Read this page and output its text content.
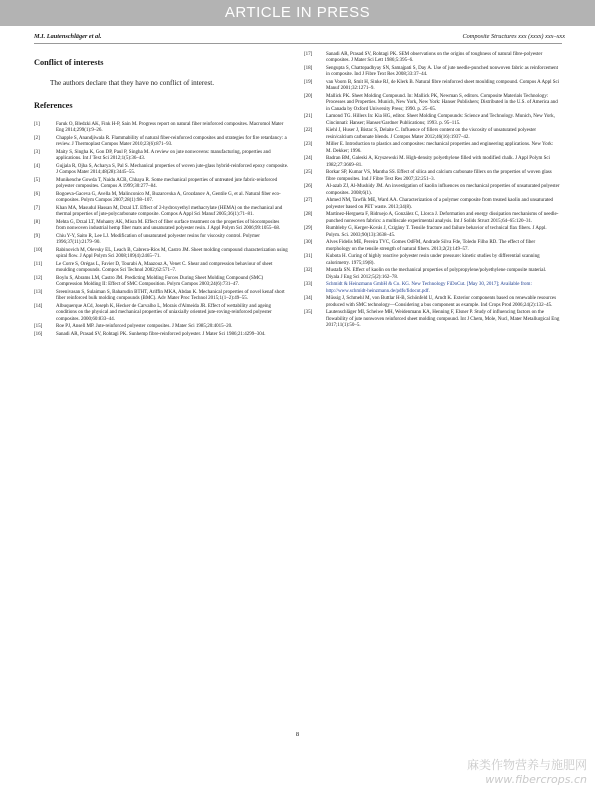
ARTICLE IN PRESS
M.I. Lautenschläger et al.	Composite Structures xxx (xxxx) xxx–xxx
Conflict of interests
The authors declare that they have no conflict of interest.
References
[1]	Faruk O, Bledzki AK, Fink H-P, Sain M. Progress report on natural fiber reinforced composites. Macromol Mater Eng 2014;299(1):9–26.
[2]	Chapple S, Anandjiwala R. Flammability of natural fiber-reinforced composites and strategies for fire retardancy: a review. J Thermoplast Compos Mater 2010;23(6):871–93.
[3]	Maity S, Singha K, Gon DP, Paul P, Singha M. A review on jute nonwovens: manufacturing, properties and applications. Int J Text Sci 2012;1(5):36–43.
[4]	Gujjala R, Ojha S, Acharya S, Pal S. Mechanical properties of woven jute-glass hybrid-reinforced epoxy composite. J Compos Mater 2014;48(28):3445–55.
[5]	Munikenche Gowda T, Naidu ACB, Chhaya R. Some mechanical properties of untreated jute fabric-reinforced polyester composites. Compos A 1999;30:277–84.
[6]	Bogoeva-Gaceva G, Avella M, Malinconico M, Buzarovska A, Grozdanov A, Gentile G, et al. Natural fiber eco-composites. Polym Compos 2007;28(1):98–107.
[7]	Khan MA, Masudul Hassan M, Drzal LT. Effect of 2-hydroxyethyl methacrylate (HEMA) on the mechanical and thermal properties of jute-polycarbonate composite. Compos A Appl Sci Manuf 2005;36(1):71–81.
[8]	Mehta G, Drzal LT, Mohanty AK, Misra M. Effect of fiber surface treatment on the properties of biocomposites from nonwoven industrial hemp fiber mats and unsaturated polyester resin. J Appl Polym Sci 2006;99:1055–68.
[9]	Chiu Y-Y, Saito R, Lee LJ. Modification of unsaturated polyester resins for viscosity control. Polymer 1996;37(11):2179–90.
[10]	Rabinovich M, Olevsky EL, Leach B, Cabrera-Ríos M, Castro JM. Sheet molding compound characterization using spiral flow. J Appl Polym Sci 2008;109(4):2465–71.
[11]	Le Corre S, Orégas L, Favier D, Tourabi A, Maazouz A, Venet C. Shear and compression behaviour of sheet moulding compounds. Compos Sci Technol 2002;62:571–7.
[12]	Boylu S, Abrams LM, Castro JM. Predicting Molding Forces During Sheet Molding Compound (SMC) Compression Molding II: Effect of SMC Composition. Polym Compos 2003;24(6):731–47.
[13]	Sreenivasan S, Sulaiman S, Baharudin BTHT, Ariffin MKA, Abdan K. Mechanical properties of novel kenaf short fiber reinforced bulk molding compounds (BMC). Adv Mater Proc Technol 2015;1(1–2):49–55.
[14]	Albuquerque ACd, Joseph K, Hecker de Carvalho L, Morais d'Almeida JR. Effect of wettability and ageing conditions on the physical and mechanical properties of uniaxially oriented jute-roving-reinforced polyester composites. 2000;60:833–44.
[15]	Roe PJ, Ansell MP. Jute-reinforced polyester composites. J Mater Sci 1985;20:4015–20.
[16]	Sanadi AR, Prasad SV, Rohtagi PK. Sunhemp fibre-reinforced polyester. J Mater Sci 1986;21:4299–304.
[17]	Sanadi AR, Prasad SV, Rohtagi PK. SEM observations on the origins of toughness of natural fibre-polyester composites. J Mater Sci Lett 1986;5:395–6.
[18]	Sengupta S, Chattopadhyay SN, Samajpati S, Day A. Use of jute needle-punched nonwoven fabric as reinforcement in composite. Ind J Fibre Text Res 2008;33:37–44.
[19]	van Voorn B, Smit H, Sinke RJ, de Klerk B. Natural fibre reinforced sheet moulding compound. Compos A Appl Sci Manuf 2001;32:1271–9.
[20]	Mallick PK. Sheet Molding Compound. In: Mallick PK, Newman S, editors. Composite Materials Technology: Processes and Properties. Munich, New York, New York: Hanser Publishers; Distributed in the U.S. of America and in Canada by Oxford University Press; 1990. p. 25–65.
[21]	Lamond TG. Hillers In: Kia HG, editor. Sheet Molding Compounds: Science and Technology. Munich, New York, Cincinnati: Hanser; Hanser/Gardner Publications; 1993. p. 95–115.
[22]	Kiehl J, Huser J, Bistac S, Delaite C. Influence of fillers content on the viscosity of unsaturated polyester resin/calcium carbonate blends. J Compos Mater 2012;46(16):1937–42.
[23]	Miller E. Introduction to plastics and composites: mechanical properties and engineering applications. New York: M. Dekker; 1996.
[24]	Badran BM, Galeski A, Kryszewski M. High-density polyethylene filled with modified chalk. J Appl Polym Sci 1982;27:3669–81.
[25]	Borkar SP, Kumar VS, Mantha SS. Effect of silica and calcium carbonate fillers on the properties of woven glass fibre composites. Ind J Fibre Text Res 2007;32:251–3.
[26]	Al-azab ZJ, Al-Mushidy JM. An investigation of kaolin influences on mechanical properties of unsaturated polyester composites. 2008;6(1).
[27]	Ahmed NM, Tawfik ME, Ward AA. Characterization of a polymer composite from treated kaolin and unsaturated polyester based on PET waste. 2013;34(8).
[28]	Martínez-Hergueta F, Ridruejo A, González C, Llorca J. Deformation and energy dissipation mechanisms of needle-punched nonwoven fabrics: a multiscale experimental analysis. Int J Solids Struct 2015;64–65:120–31.
[29]	Rumbleby G, Kerger-Kovás J, Czigány T. Tensile fracture and failure behavior of technical flax fibers. J Appl. Polym. Sci. 2003;90(13):3638–45.
[30]	Alves Fidelis ME, Pereira TVC, Gomes OdFM, Andrade Silva Fde, Toledo Filho RD. The effect of fiber morphology on the tensile strength of natural fibers. 2013;2(2):149–57.
[31]	Kubota H. Curing of highly reactive polyester resin under pressure: kinetic studies by differential scanning calorimetry. 1975;19(8).
[32]	Mustafa SN. Effect of kaolin on the mechanical properties of polypropylene/polyethylene composite material. Diyala J Eng Sci 2012;5(2):162–78.
[33]	Schmidt & Heinzmann GmbH & Co. KG. New Technology FiDoCut. [May 30, 2017]; Available from: http://www.schmidt-heinzmann.de/pdfs/fidocut.pdf.
[34]	Müssig J, Schmehl M, von Buttlar H-B, Schönfeld U, Arndt K. Exterior components based on renewable resources produced with SMC technology—Considering a bus component as example. Ind Crops Prod 2006;24(2):132–45.
[35]	Lautenschläger MI, Scheiwe MH, Weidenmann KA, Henning F, Elsner P. Study of influencing factors on the flowability of jute nonwoven reinforced sheet molding compound. Int J Chem, Mole, Nucl, Mater Metallurgical Eng 2017;11(1):50–5.
8
麻类作物营养与施肥网
www.fibercrops.cn
